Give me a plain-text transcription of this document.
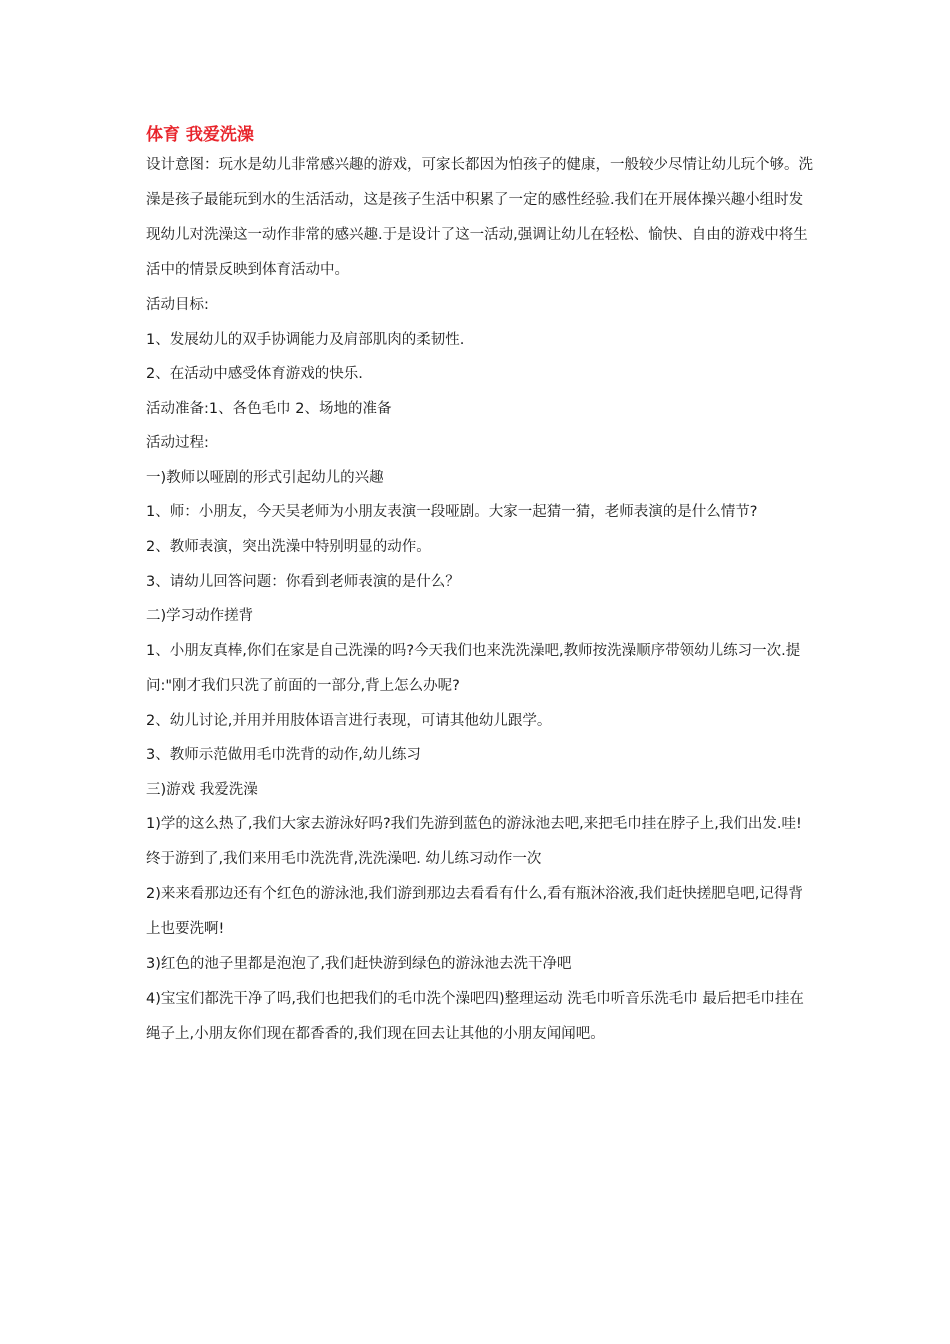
体育 我爱洗澡

设计意图：玩水是幼儿非常感兴趣的游戏，可家长都因为怕孩子的健康，一般较少尽情让幼儿玩个够。洗澡是孩子最能玩到水的生活活动，这是孩子生活中积累了一定的感性经验.我们在开展体操兴趣小组时发现幼儿对洗澡这一动作非常的感兴趣.于是设计了这一活动,强调让幼儿在轻松、愉快、自由的游戏中将生活中的情景反映到体育活动中。

活动目标:

1、发展幼儿的双手协调能力及肩部肌肉的柔韧性.

2、在活动中感受体育游戏的快乐.

活动准备:1、各色毛巾 2、场地的准备

活动过程:

一)教师以哑剧的形式引起幼儿的兴趣

1、师：小朋友，今天吴老师为小朋友表演一段哑剧。大家一起猜一猜，老师表演的是什么情节?

2、教师表演，突出洗澡中特别明显的动作。

3、请幼儿回答问题：你看到老师表演的是什么？

二)学习动作搓背

1、小朋友真棒,你们在家是自己洗澡的吗?今天我们也来洗洗澡吧,教师按洗澡顺序带领幼儿练习一次.提问:"刚才我们只洗了前面的一部分,背上怎么办呢?

2、幼儿讨论,并用并用肢体语言进行表现，可请其他幼儿跟学。

3、教师示范做用毛巾洗背的动作,幼儿练习

三)游戏 我爱洗澡

1)学的这么热了,我们大家去游泳好吗?我们先游到蓝色的游泳池去吧,来把毛巾挂在脖子上,我们出发.哇!终于游到了,我们来用毛巾洗洗背,洗洗澡吧. 幼儿练习动作一次

2)来来看那边还有个红色的游泳池,我们游到那边去看看有什么,看有瓶沐浴液,我们赶快搓肥皂吧,记得背上也要洗啊!

3)红色的池子里都是泡泡了,我们赶快游到绿色的游泳池去洗干净吧

4)宝宝们都洗干净了吗,我们也把我们的毛巾洗个澡吧四)整理运动 洗毛巾听音乐洗毛巾 最后把毛巾挂在绳子上,小朋友你们现在都香香的,我们现在回去让其他的小朋友闻闻吧。
